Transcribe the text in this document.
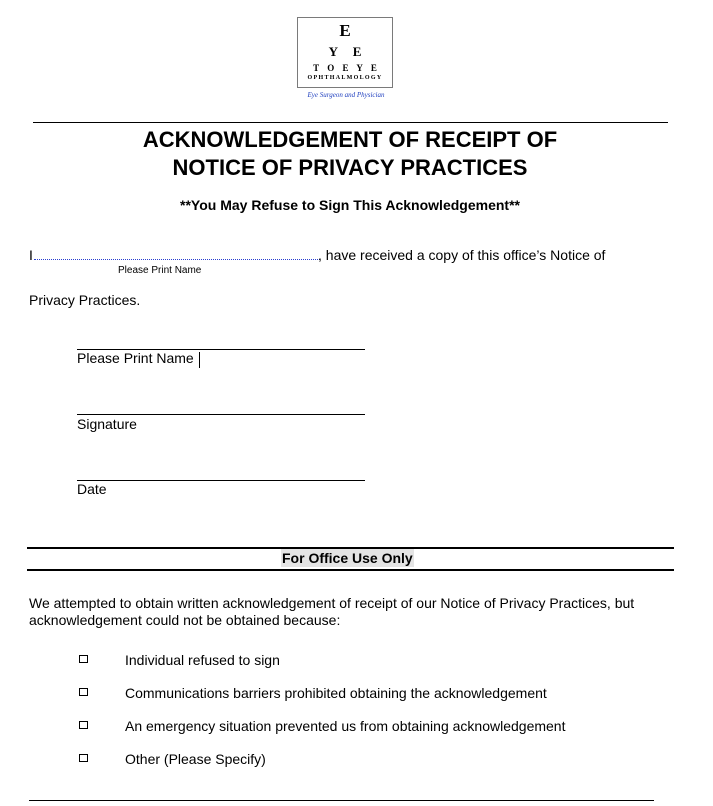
E
Y E
T O E Y E
OPHTHALMOLOGY
Eye Surgeon and Physician
ACKNOWLEDGEMENT OF RECEIPT OF
NOTICE OF PRIVACY PRACTICES
**You May Refuse to Sign This Acknowledgement**
I
Please Print Name
, have received a copy of this office’s Notice of
Privacy Practices.
Please Print Name
Signature
Date
For Office Use Only
We attempted to obtain written acknowledgement of receipt of our Notice of Privacy Practices, but
acknowledgement could not be obtained because:
Individual refused to sign
Communications barriers prohibited obtaining the acknowledgement
An emergency situation prevented us from obtaining acknowledgement
Other (Please Specify)
